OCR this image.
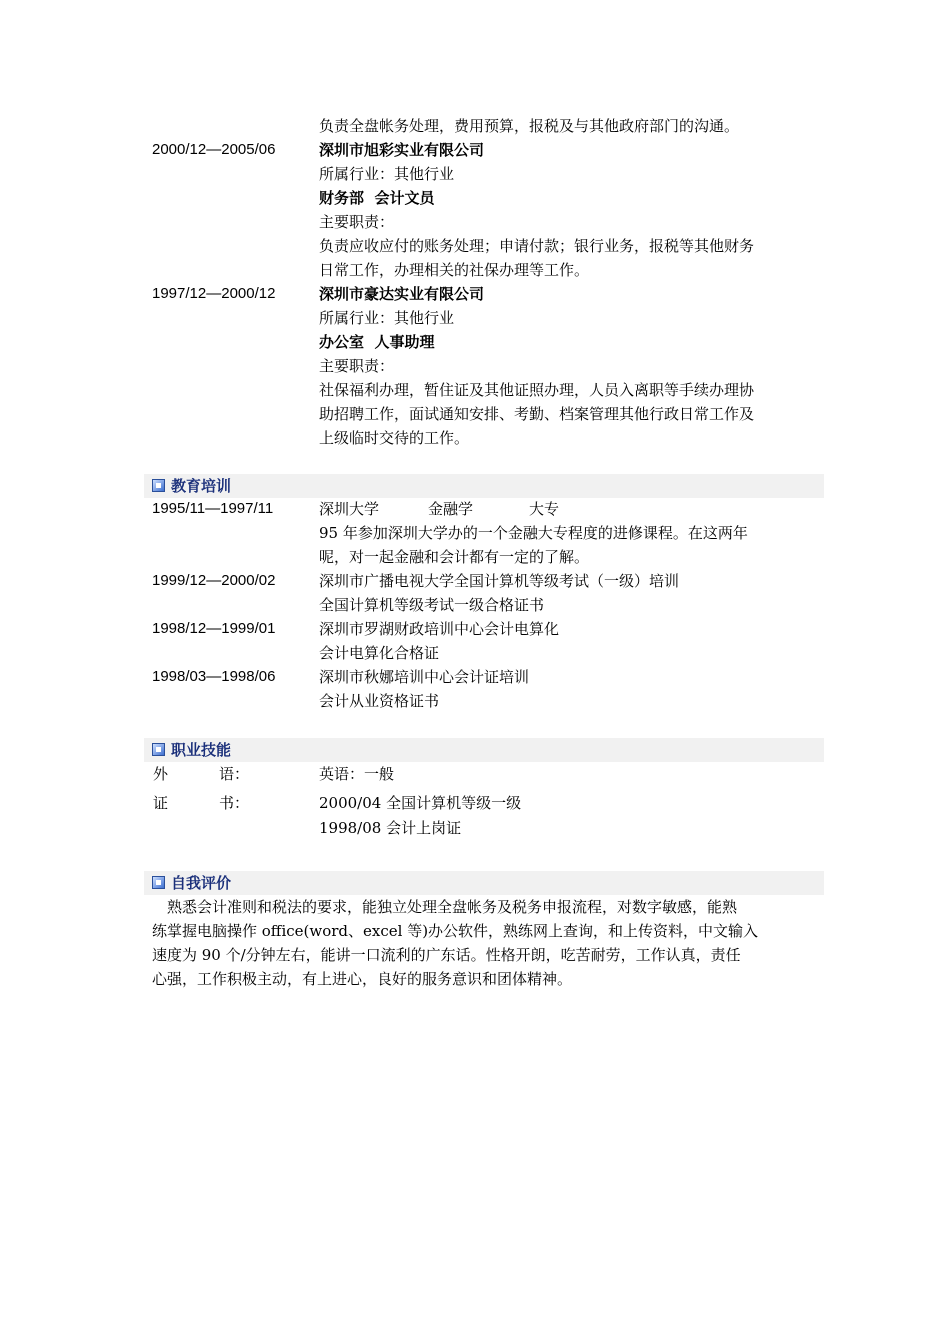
负责全盘帐务处理，费用预算，报税及与其他政府部门的沟通。
2000/12—2005/06	深圳市旭彩实业有限公司
所属行业：其他行业
财务部  会计文员
主要职责：
负责应收应付的账务处理；申请付款；银行业务，报税等其他财务
日常工作，办理相关的社保办理等工作。
1997/12—2000/12	深圳市豪达实业有限公司
所属行业：其他行业
办公室  人事助理
主要职责：
社保福利办理，暂住证及其他证照办理，人员入离职等手续办理协
助招聘工作，面试通知安排、考勤、档案管理其他行政日常工作及
上级临时交待的工作。
教育培训
1995/11—1997/11	深圳大学	金融学	大专
95 年参加深圳大学办的一个金融大专程度的进修课程。在这两年
呢，对一起金融和会计都有一定的了解。
1999/12—2000/02	深圳市广播电视大学全国计算机等级考试（一级）培训
全国计算机等级考试一级合格证书
1998/12—1999/01	深圳市罗湖财政培训中心会计电算化
会计电算化合格证
1998/03—1998/06	深圳市秋娜培训中心会计证培训
会计从业资格证书
职业技能
外	语：	英语：一般
证	书：	2000/04 全国计算机等级一级
1998/08 会计上岗证
自我评价
熟悉会计准则和税法的要求，能独立处理全盘帐务及税务申报流程，对数字敏感，能熟
练掌握电脑操作 office(word、excel 等)办公软件，熟练网上查询，和上传资料，中文输入
速度为 90 个/分钟左右，能讲一口流利的广东话。性格开朗，吃苦耐劳，工作认真，责任
心强，工作积极主动，有上进心，良好的服务意识和团体精神。
